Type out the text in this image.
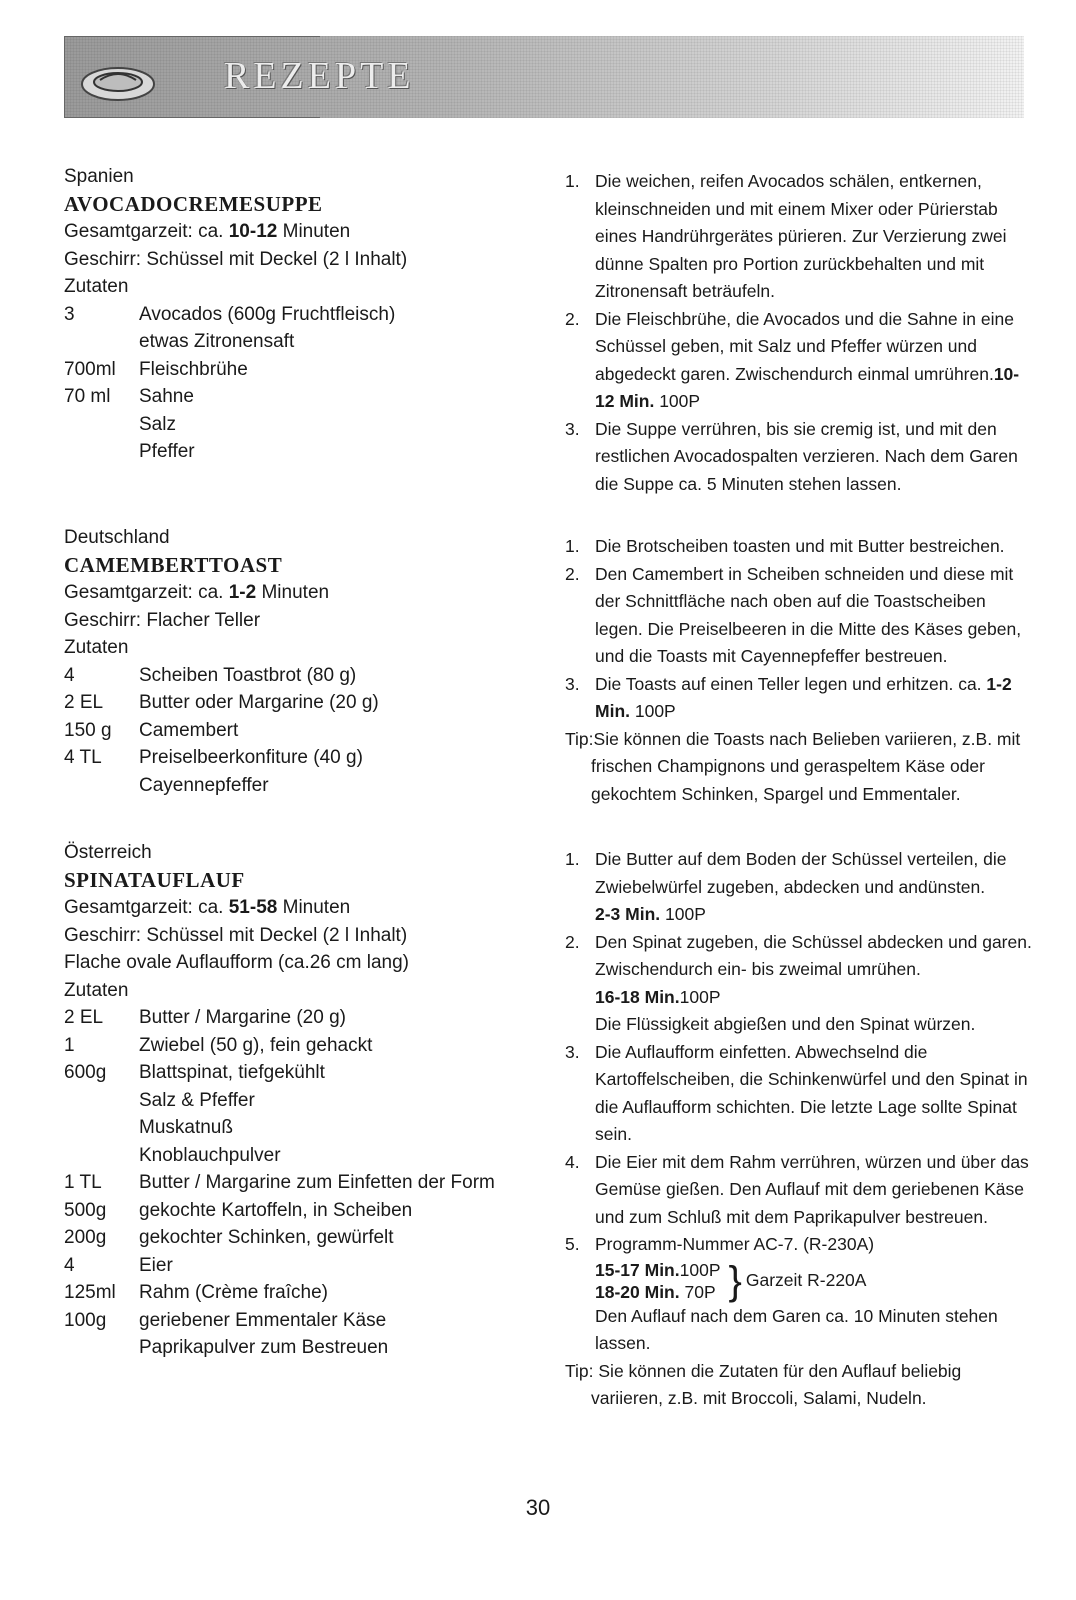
REZEPTE

Spanien

AVOCADOCREMESUPPE

Gesamtgarzeit: ca. 10-12 Minuten

Geschirr: Schüssel mit Deckel (2 l Inhalt)

Zutaten

3	Avocados (600g Fruchtfleisch)
etwas Zitronensaft
700ml	Fleischbrühe
70 ml	Sahne
Salz
Pfeffer
1. Die weichen, reifen Avocados schälen, entkernen, kleinschneiden und mit einem Mixer oder Pürierstab eines Handrührgerätes pürieren. Zur Verzierung zwei dünne Spalten pro Portion zurückbehalten und mit Zitronensaft beträufeln.
2. Die Fleischbrühe, die Avocados und die Sahne in eine Schüssel geben, mit Salz und Pfeffer würzen und abgedeckt garen. Zwischendurch einmal umrühren.10-12 Min. 100P
3. Die Suppe verrühren, bis sie cremig ist, und mit den restlichen Avocadospalten verzieren. Nach dem Garen die Suppe ca. 5 Minuten stehen lassen.

Deutschland

CAMEMBERTTOAST

Gesamtgarzeit: ca. 1-2 Minuten

Geschirr: Flacher Teller

Zutaten

4	Scheiben Toastbrot (80 g)
2 EL	Butter oder Margarine (20 g)
150 g	Camembert
4 TL	Preiselbeerkonfiture (40 g)
Cayennepfeffer
1. Die Brotscheiben toasten und mit Butter bestreichen.
2. Den Camembert in Scheiben schneiden und diese mit der Schnittfläche nach oben auf die Toastscheiben legen. Die Preiselbeeren in die Mitte des Käses geben, und die Toasts mit Cayennepfeffer bestreuen.
3. Die Toasts auf einen Teller legen und erhitzen. ca. 1-2 Min. 100P
Tip:Sie können die Toasts nach Belieben variieren, z.B. mit frischen Champignons und geraspeltem Käse oder gekochtem Schinken, Spargel und Emmentaler.

Österreich

SPINATAUFLAUF

Gesamtgarzeit: ca. 51-58 Minuten

Geschirr: Schüssel mit Deckel (2 l Inhalt)

Flache ovale Auflaufform (ca.26 cm lang)

Zutaten

2 EL	Butter / Margarine (20 g)
1	Zwiebel (50 g), fein gehackt
600g	Blattspinat, tiefgekühlt
Salz & Pfeffer
Muskatnuß
Knoblauchpulver
1 TL	Butter / Margarine zum Einfetten der Form
500g	gekochte Kartoffeln, in Scheiben
200g	gekochter Schinken, gewürfelt
4	Eier
125ml	Rahm (Crème fraîche)
100g	geriebener Emmentaler Käse
Paprikapulver zum Bestreuen
1. Die Butter auf dem Boden der Schüssel verteilen, die Zwiebelwürfel zugeben, abdecken und andünsten.
2-3 Min. 100P
2. Den Spinat zugeben, die Schüssel abdecken und garen. Zwischendurch ein- bis zweimal umrühen.
16-18 Min.100P
Die Flüssigkeit abgießen und den Spinat würzen.
3. Die Auflaufform einfetten. Abwechselnd die Kartoffelscheiben, die Schinkenwürfel und den Spinat in die Auflaufform schichten. Die letzte Lage sollte Spinat sein.
4. Die Eier mit dem Rahm verrühren, würzen und über das Gemüse gießen. Den Auflauf mit dem geriebenen Käse und zum Schluß mit dem Paprikapulver bestreuen.
5. Programm-Nummer AC-7. (R-230A)
15-17 Min.100P
18-20 Min. 70P } Garzeit R-220A
Den Auflauf nach dem Garen ca. 10 Minuten stehen lassen.
Tip: Sie können die Zutaten für den Auflauf beliebig variieren, z.B. mit Broccoli, Salami, Nudeln.
30
